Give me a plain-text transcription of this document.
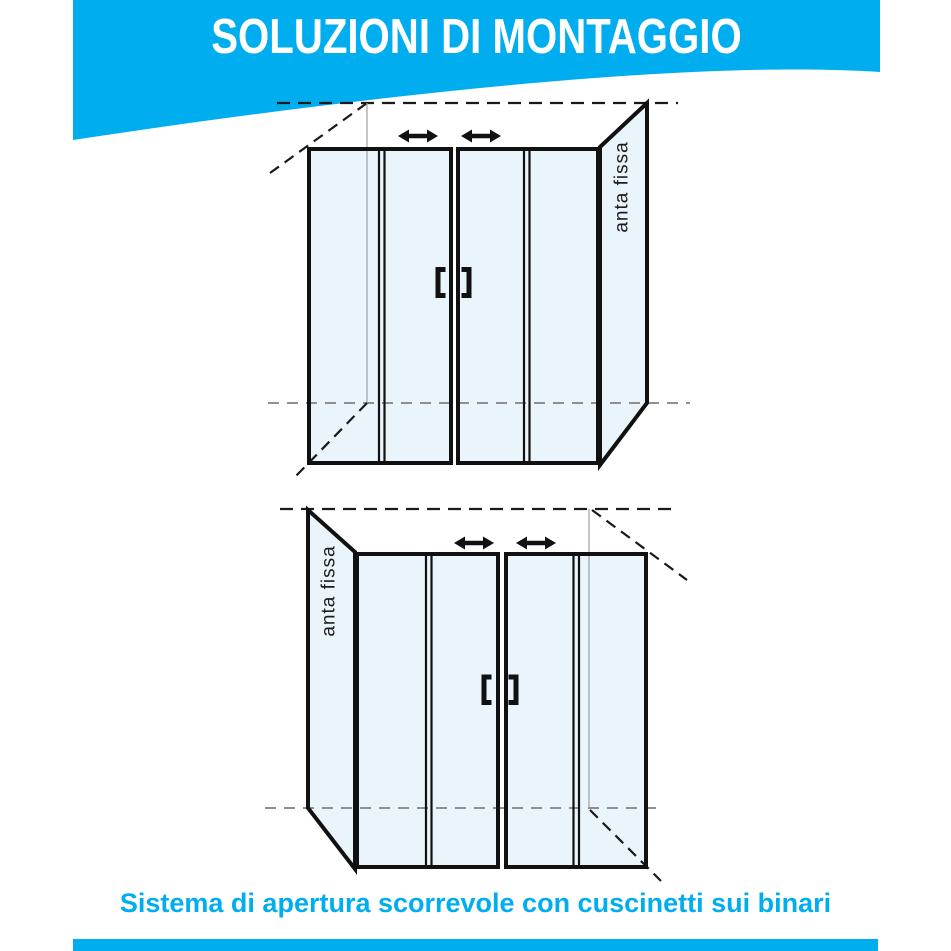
anta fissa
anta fissa
SOLUZIONI DI MONTAGGIO
Sistema di apertura scorrevole con cuscinetti sui binari
